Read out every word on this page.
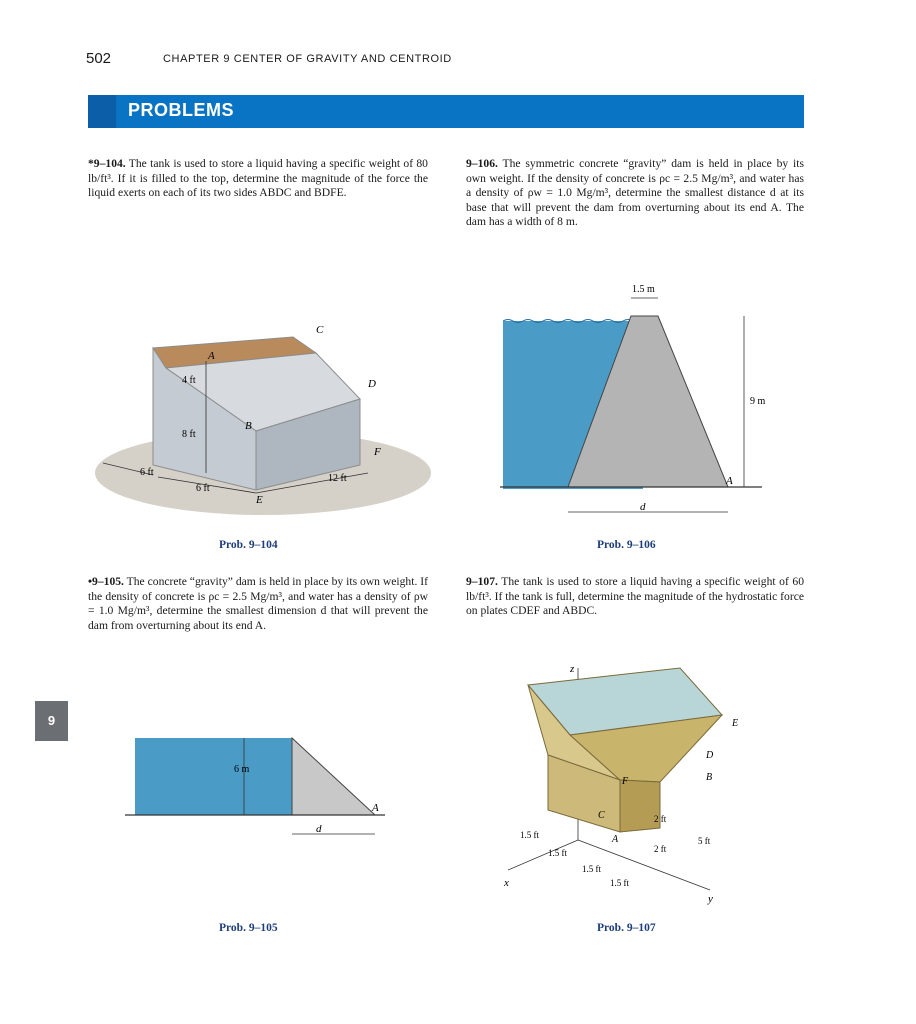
502	CHAPTER 9 CENTER OF GRAVITY AND CENTROID
PROBLEMS
9
*9–104. The tank is used to store a liquid having a specific weight of 80 lb/ft³. If it is filled to the top, determine the magnitude of the force the liquid exerts on each of its two sides ABDC and BDFE.
9–106. The symmetric concrete “gravity” dam is held in place by its own weight. If the density of concrete is ρc = 2.5 Mg/m³, and water has a density of ρw = 1.0 Mg/m³, determine the smallest distance d at its base that will prevent the dam from overturning about its end A. The dam has a width of 8 m.
•9–105. The concrete “gravity” dam is held in place by its own weight. If the density of concrete is ρc = 2.5 Mg/m³, and water has a density of ρw = 1.0 Mg/m³, determine the smallest dimension d that will prevent the dam from overturning about its end A.
9–107. The tank is used to store a liquid having a specific weight of 60 lb/ft³. If the tank is full, determine the magnitude of the hydrostatic force on plates CDEF and ABDC.
A
B
C
D
E
F
4 ft
8 ft
6 ft
6 ft
12 ft
Prob. 9–104
1.5 m
9 m
A
d
Prob. 9–106
6 m
A
d
Prob. 9–105
z
x
y
A
B
C
D
E
F
2 ft
2 ft
5 ft
1.5 ft
1.5 ft
1.5 ft
1.5 ft
Prob. 9–107
